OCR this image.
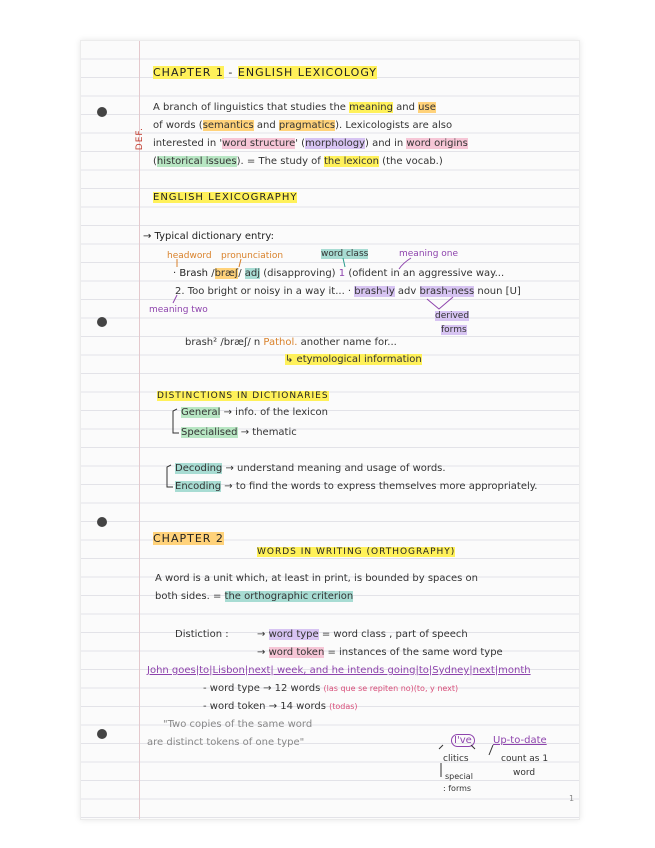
CHAPTER 1 - ENGLISH LEXICOLOGY
DEF.
A branch of linguistics that studies the meaning and use
of words (semantics and pragmatics). Lexicologists are also
interested in 'word structure' (morphology) and in word origins
(historical issues). = The study of the lexicon (the vocab.)
ENGLISH LEXICOGRAPHY
→ Typical dictionary entry:
headword pronunciation	word class	meaning one
· Brash /bræʃ/ adj (disapproving) 1 (ofident in an aggressive way...
2. Too bright or noisy in a way it... · brash-ly adv brash-ness noun [U]
meaning two
derived
forms
brash² /bræʃ/ n Pathol. another name for...
↳ etymological information
DISTINCTIONS IN DICTIONARIES
General → info. of the lexicon
Specialised → thematic
Decoding → understand meaning and usage of words.
Encoding → to find the words to express themselves more appropriately.
CHAPTER 2
WORDS IN WRITING (ORTHOGRAPHY)
A word is a unit which, at least in print, is bounded by spaces on
both sides. = the orthographic criterion
Distiction :	→ word type = word class , part of speech
→ word token = instances of the same word type
John goes|to|Lisbon|next| week, and he intends going|to|Sydney|next|month
- word type → 12 words (las que se repiten no)(to, y next)
- word token → 14 words (todas)
"Two copies of the same word
are distinct tokens of one type"	I've
clitics
special
: forms
Up-to-date
count as 1
word
1
